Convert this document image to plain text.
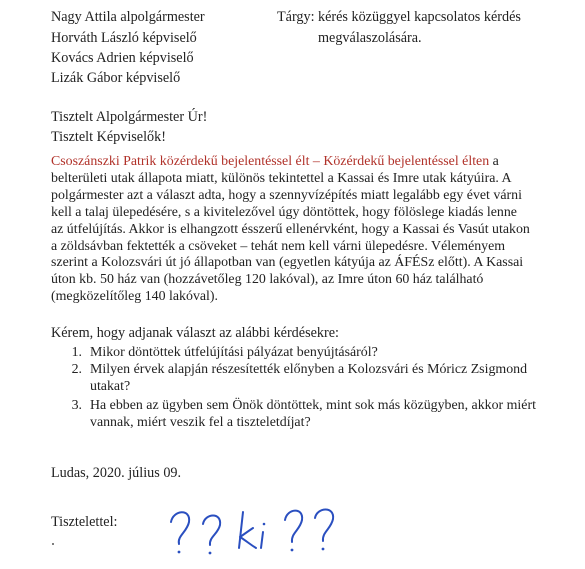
Nagy Attila alpolgármester
Horváth László képviselő
Kovács Adrien képviselő
Lizák Gábor képviselő
Tárgy: kérés közüggyel kapcsolatos kérdés
megválaszolására.
Tisztelt Alpolgármester Úr!
Tisztelt Képviselők!
Csoszánszki Patrik közérdekű bejelentéssel élt – Közérdekű bejelentéssel élten a belterületi utak állapota miatt, különös tekintettel a Kassai és Imre utak kátyúira. A polgármester azt a választ adta, hogy a szennyvízépítés miatt legalább egy évet várni kell a talaj ülepedésére, s a kivitelezővel úgy döntöttek, hogy fölöslege kiadás lenne az útfelújítás. Akkor is elhangzott ésszerű ellenérvként, hogy a Kassai és Vasút utakon a zöldsávban fektették a csöveket – tehát nem kell várni ülepedésre. Véleményem szerint a Kolozsvári út jó állapotban van (egyetlen kátyúja az ÁFÉSz előtt). A Kassai úton kb. 50 ház van (hozzávetőleg 120 lakóval), az Imre úton 60 ház található (megközelítőleg 140 lakóval).
Kérem, hogy adjanak választ az alábbi kérdésekre:
1. Mikor döntöttek útfelújítási pályázat benyújtásáról?
2. Milyen érvek alapján részesítették előnyben a Kolozsvári és Móricz Zsigmond utakat?
3. Ha ebben az ügyben sem Önök döntöttek, mint sok más közügyben, akkor miért vannak, miért veszik fel a tiszteletdíjat?
Ludas, 2020. július 09.
Tisztelettel:
